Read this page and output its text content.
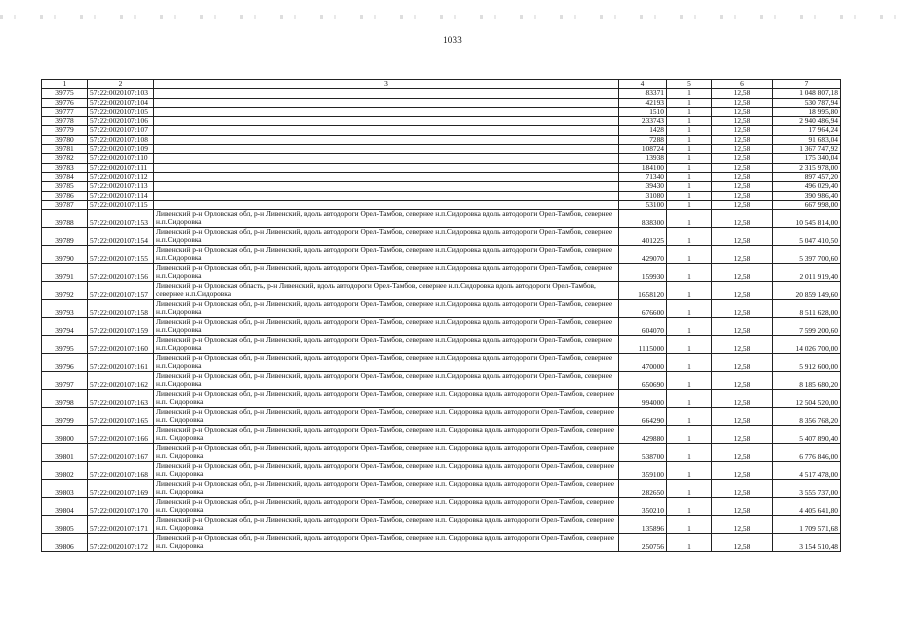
1033
1	2	3	4	5	6	7
39775	57:22:0020107:103		83371	1	12,58	1 048 807,18
39776	57:22:0020107:104		42193	1	12,58	530 787,94
39777	57:22:0020107:105		1510	1	12,58	18 995,80
39778	57:22:0020107:106		233743	1	12,58	2 940 486,94
39779	57:22:0020107:107		1428	1	12,58	17 964,24
39780	57:22:0020107:108		7288	1	12,58	91 683,04
39781	57:22:0020107:109		108724	1	12,58	1 367 747,92
39782	57:22:0020107:110		13938	1	12,58	175 340,04
39783	57:22:0020107:111		184100	1	12,58	2 315 978,00
39784	57:22:0020107:112		71340	1	12,58	897 457,20
39785	57:22:0020107:113		39430	1	12,58	496 029,40
39786	57:22:0020107:114		31080	1	12,58	390 986,40
39787	57:22:0020107:115		53100	1	12,58	667 998,00
39788	57:22:0020107:153	Ливенский р-н Орловская обл, р-н Ливенский, вдоль автодороги Орел-Тамбов, севернее н.п.Сидоровка вдоль автодороги Орел-Тамбов, севернее н.п.Сидоровка	838300	1	12,58	10 545 814,00
39789	57:22:0020107:154	Ливенский р-н Орловская обл, р-н Ливенский, вдоль автодороги Орел-Тамбов, севернее н.п.Сидоровка вдоль автодороги Орел-Тамбов, севернее н.п.Сидоровка	401225	1	12,58	5 047 410,50
39790	57:22:0020107:155	Ливенский р-н Орловская обл, р-н Ливенский, вдоль автодороги Орел-Тамбов, севернее н.п.Сидоровка вдоль автодороги Орел-Тамбов, севернее н.п.Сидоровка	429070	1	12,58	5 397 700,60
39791	57:22:0020107:156	Ливенский р-н Орловская обл, р-н Ливенский, вдоль автодороги Орел-Тамбов, севернее н.п.Сидоровка вдоль автодороги Орел-Тамбов, севернее н.п.Сидоровка	159930	1	12,58	2 011 919,40
39792	57:22:0020107:157	Ливенский р-н Орловская область, р-н Ливенский, вдоль автодороги Орел-Тамбов, севернее н.п.Сидоровка вдоль автодороги Орел-Тамбов, севернее н.п.Сидоровка	1658120	1	12,58	20 859 149,60
39793	57:22:0020107:158	Ливенский р-н Орловская обл, р-н Ливенский, вдоль автодороги Орел-Тамбов, севернее н.п.Сидоровка вдоль автодороги Орел-Тамбов, севернее н.п.Сидоровка	676600	1	12,58	8 511 628,00
39794	57:22:0020107:159	Ливенский р-н Орловская обл, р-н Ливенский, вдоль автодороги Орел-Тамбов, севернее н.п.Сидоровка вдоль автодороги Орел-Тамбов, севернее н.п.Сидоровка	604070	1	12,58	7 599 200,60
39795	57:22:0020107:160	Ливенский р-н Орловская обл, р-н Ливенский, вдоль автодороги Орел-Тамбов, севернее н.п.Сидоровка вдоль автодороги Орел-Тамбов, севернее н.п.Сидоровка	1115000	1	12,58	14 026 700,00
39796	57:22:0020107:161	Ливенский р-н Орловская обл, р-н Ливенский, вдоль автодороги Орел-Тамбов, севернее н.п.Сидоровка вдоль автодороги Орел-Тамбов, севернее н.п.Сидоровка	470000	1	12,58	5 912 600,00
39797	57:22:0020107:162	Ливенский р-н Орловская обл, р-н Ливенский, вдоль автодороги Орел-Тамбов, севернее н.п.Сидоровка вдоль автодороги Орел-Тамбов, севернее н.п.Сидоровка	650690	1	12,58	8 185 680,20
39798	57:22:0020107:163	Ливенский р-н Орловская обл, р-н Ливенский, вдоль автодороги Орел-Тамбов, севернее н.п. Сидоровка вдоль автодороги Орел-Тамбов, севернее н.п. Сидоровка	994000	1	12,58	12 504 520,00
39799	57:22:0020107:165	Ливенский р-н Орловская обл, р-н Ливенский, вдоль автодороги Орел-Тамбов, севернее н.п. Сидоровка вдоль автодороги Орел-Тамбов, севернее н.п. Сидоровка	664290	1	12,58	8 356 768,20
39800	57:22:0020107:166	Ливенский р-н Орловская обл, р-н Ливенский, вдоль автодороги Орел-Тамбов, севернее н.п. Сидоровка вдоль автодороги Орел-Тамбов, севернее н.п. Сидоровка	429880	1	12,58	5 407 890,40
39801	57:22:0020107:167	Ливенский р-н Орловская обл, р-н Ливенский, вдоль автодороги Орел-Тамбов, севернее н.п. Сидоровка вдоль автодороги Орел-Тамбов, севернее н.п. Сидоровка	538700	1	12,58	6 776 846,00
39802	57:22:0020107:168	Ливенский р-н Орловская обл, р-н Ливенский, вдоль автодороги Орел-Тамбов, севернее н.п. Сидоровка вдоль автодороги Орел-Тамбов, севернее н.п. Сидоровка	359100	1	12,58	4 517 478,00
39803	57:22:0020107:169	Ливенский р-н Орловская обл, р-н Ливенский, вдоль автодороги Орел-Тамбов, севернее н.п. Сидоровка вдоль автодороги Орел-Тамбов, севернее н.п. Сидоровка	282650	1	12,58	3 555 737,00
39804	57:22:0020107:170	Ливенский р-н Орловская обл, р-н Ливенский, вдоль автодороги Орел-Тамбов, севернее н.п. Сидоровка вдоль автодороги Орел-Тамбов, севернее н.п. Сидоровка	350210	1	12,58	4 405 641,80
39805	57:22:0020107:171	Ливенский р-н Орловская обл, р-н Ливенский, вдоль автодороги Орел-Тамбов, севернее н.п. Сидоровка вдоль автодороги Орел-Тамбов, севернее н.п. Сидоровка	135896	1	12,58	1 709 571,68
39806	57:22:0020107:172	Ливенский р-н Орловская обл, р-н Ливенский, вдоль автодороги Орел-Тамбов, севернее н.п. Сидоровка вдоль автодороги Орел-Тамбов, севернее н.п. Сидоровка	250756	1	12,58	3 154 510,48
